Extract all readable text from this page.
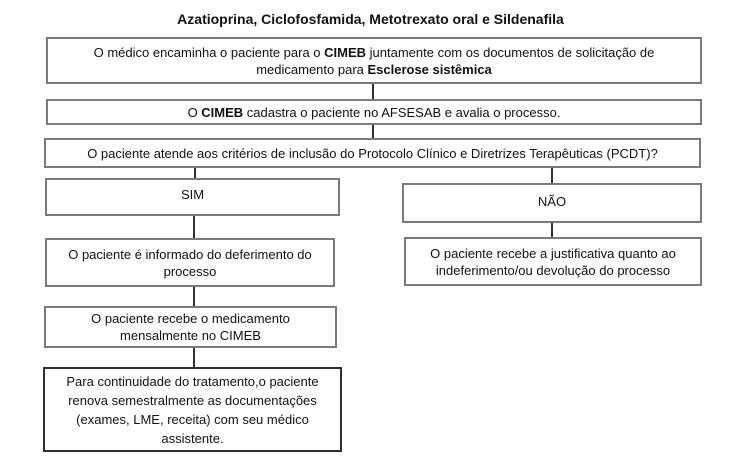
Azatioprina, Ciclofosfamida, Metotrexato oral e Sildenafila
O médico encaminha o paciente para o CIMEB juntamente com os documentos de solicitação de medicamento para Esclerose sistêmica
O CIMEB cadastra o paciente no AFSESAB e avalia o processo.
O paciente atende aos critérios de inclusão do Protocolo Clínico e Diretrizes Terapêuticas (PCDT)?
SIM	NÃO
O paciente é informado do deferimento do processo
O paciente recebe a justificativa quanto ao indeferimento/ou devolução do processo
O paciente recebe o medicamento mensalmente no CIMEB
Para continuidade do tratamento,o paciente renova semestralmente as documentações (exames, LME, receita) com seu médico assistente.
